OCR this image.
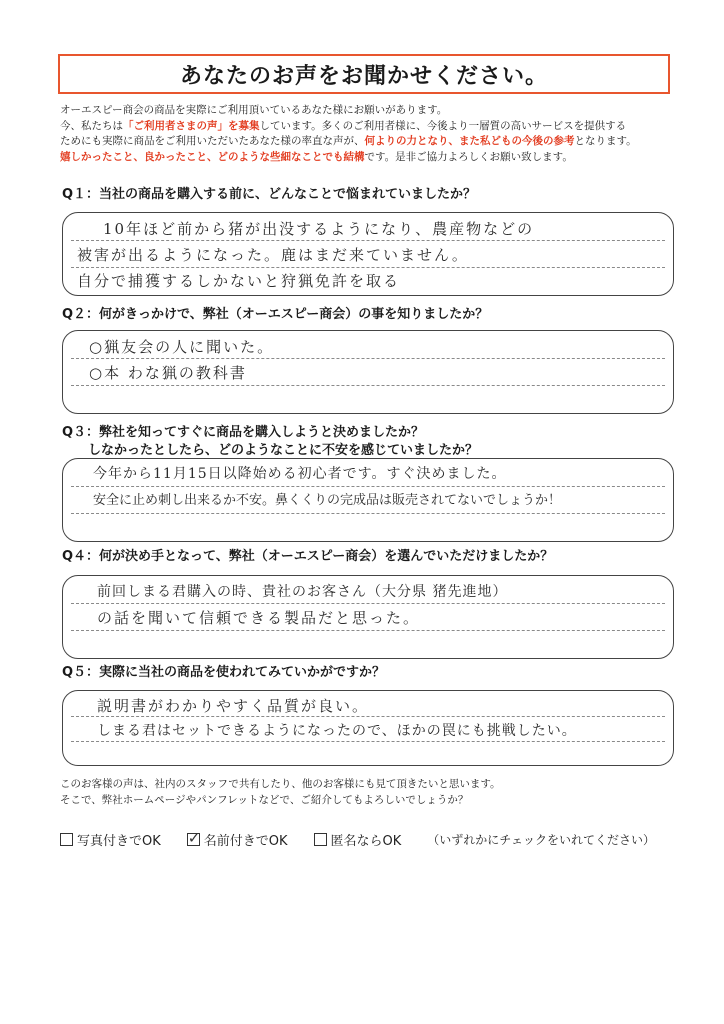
あなたのお声をお聞かせください。
オーエスピー商会の商品を実際にご利用頂いているあなた様にお願いがあります。
今、私たちは「ご利用者さまの声」を募集しています。多くのご利用者様に、今後より一層質の高いサービスを提供する
ためにも実際に商品をご利用いただいたあなた様の率直な声が、何よりの力となり、また私どもの今後の参考となります。
嬉しかったこと、良かったこと、どのような些細なことでも結構です。是非ご協力よろしくお願い致します。
Q１：当社の商品を購入する前に、どんなことで悩まれていましたか？
10年ほど前から猪が出没するようになり、農産物などの
被害が出るようになった。鹿はまだ来ていません。
自分で捕獲するしかないと狩猟免許を取る
Q２：何がきっかけで、弊社（オーエスピー商会）の事を知りましたか？
○猟友会の人に聞いた。
○本 わな猟の教科書
Q３：弊社を知ってすぐに商品を購入しようと決めましたか？
　　しなかったとしたら、どのようなことに不安を感じていましたか？
今年から11月15日以降始める初心者です。すぐ決めました。
安全に止め刺し出来るか不安。鼻くくりの完成品は販売されてないでしょうか！
Q４：何が決め手となって、弊社（オーエスピー商会）を選んでいただけましたか？
前回しまる君購入の時、貴社のお客さん（大分県 猪先進地）
の話を聞いて信頼できる製品だと思った。
Q５：実際に当社の商品を使われてみていかがですか？
説明書がわかりやすく品質が良い。
しまる君はセットできるようになったので、ほかの罠にも挑戦したい。
このお客様の声は、社内のスタッフで共有したり、他のお客様にも見て頂きたいと思います。
そこで、弊社ホームページやパンフレットなどで、ご紹介してもよろしいでしょうか？
写真付きでOK
✓	名前付きでOK	匿名ならOK （いずれかにチェックをいれてください）
